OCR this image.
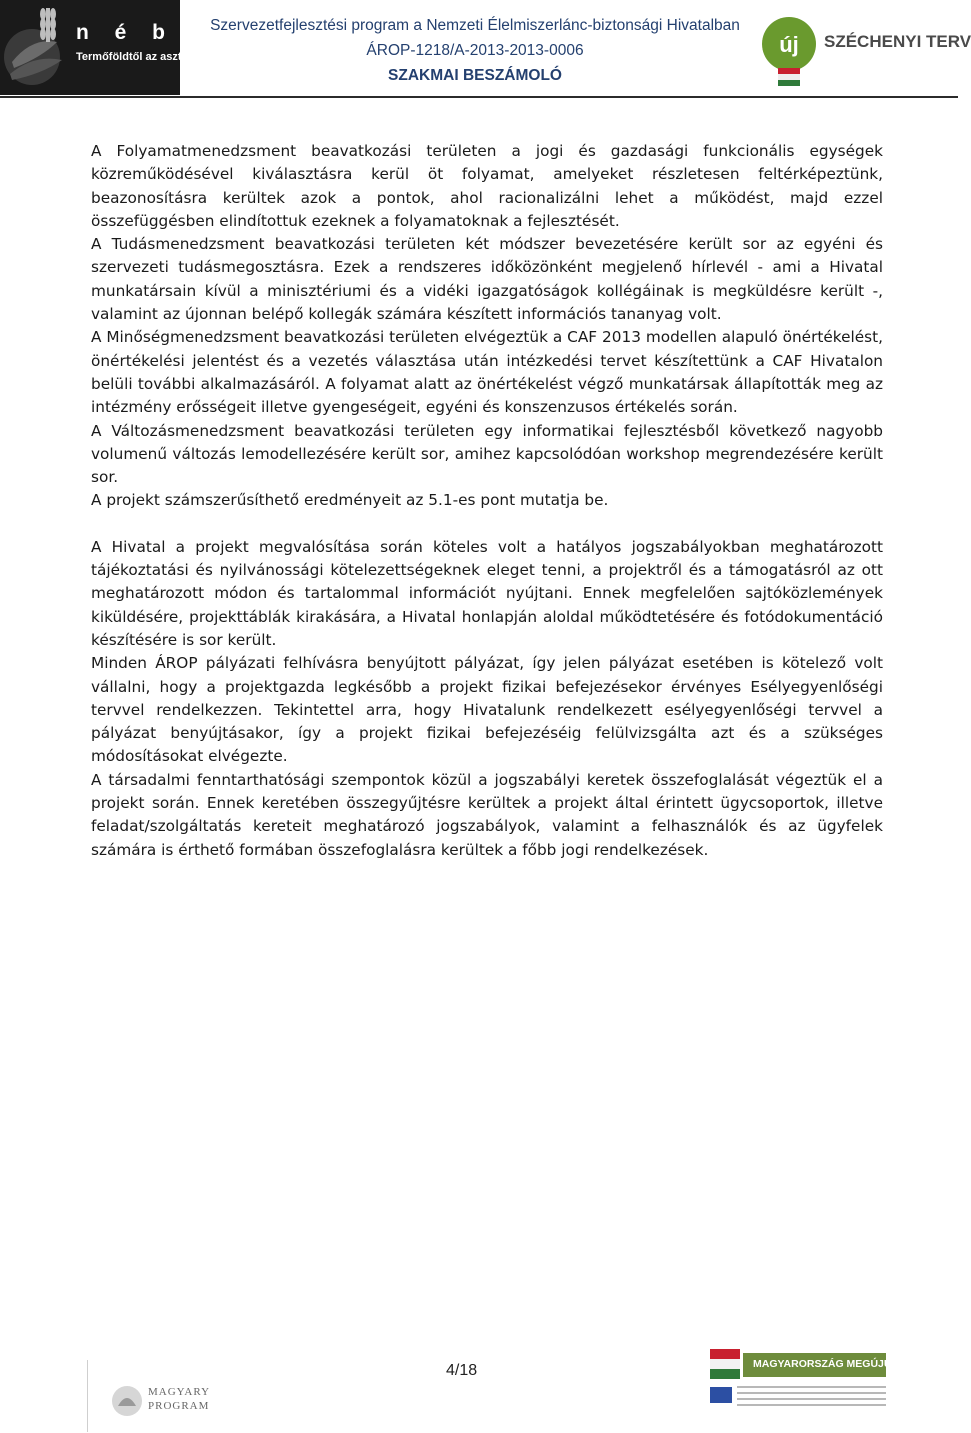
n é b i h
Termőföldtől az asztalig
Szervezetfejlesztési program a Nemzeti Élelmiszerlánc-biztonsági Hivatalban
ÁROP-1218/A-2013-2013-0006
SZAKMAI BESZÁMOLÓ
új SZÉCHENYI TERV

A Folyamatmenedzsment beavatkozási területen a jogi és gazdasági funkcionális egységek közreműködésével kiválasztásra kerül öt folyamat, amelyeket részletesen feltérképeztünk, beazonosításra kerültek azok a pontok, ahol racionalizálni lehet a működést, majd ezzel összefüggésben elindítottuk ezeknek a folyamatoknak a fejlesztését.

A Tudásmenedzsment beavatkozási területen két módszer bevezetésére került sor az egyéni és szervezeti tudásmegosztásra. Ezek a rendszeres időközönként megjelenő hírlevél - ami a Hivatal munkatársain kívül a minisztériumi és a vidéki igazgatóságok kollégáinak is megküldésre került -, valamint az újonnan belépő kollegák számára készített információs tananyag volt.

A Minőségmenedzsment beavatkozási területen elvégeztük a CAF 2013 modellen alapuló önértékelést, önértékelési jelentést és a vezetés választása után intézkedési tervet készítettünk a CAF Hivatalon belüli további alkalmazásáról. A folyamat alatt az önértékelést végző munkatársak állapították meg az intézmény erősségeit illetve gyengeségeit, egyéni és konszenzusos értékelés során.

A Változásmenedzsment beavatkozási területen egy informatikai fejlesztésből következő nagyobb volumenű változás lemodellezésére került sor, amihez kapcsolódóan workshop megrendezésére került sor.

A projekt számszerűsíthető eredményeit az 5.1-es pont mutatja be.

A Hivatal a projekt megvalósítása során köteles volt a hatályos jogszabályokban meghatározott tájékoztatási és nyilvánossági kötelezettségeknek eleget tenni, a projektről és a támogatásról az ott meghatározott módon és tartalommal információt nyújtani. Ennek megfelelően sajtóközlemények kiküldésére, projekttáblák kirakására, a Hivatal honlapján aloldal működtetésére és fotódokumentáció készítésére is sor került.

Minden ÁROP pályázati felhívásra benyújtott pályázat, így jelen pályázat esetében is kötelező volt vállalni, hogy a projektgazda legkésőbb a projekt fizikai befejezésekor érvényes Esélyegyenlőségi tervvel rendelkezzen. Tekintettel arra, hogy Hivatalunk rendelkezett esélyegyenlőségi tervvel a pályázat benyújtásakor, így a projekt fizikai befejezéséig felülvizsgálta azt és a szükséges módosításokat elvégezte.

A társadalmi fenntarthatósági szempontok közül a jogszabályi keretek összefoglalását végeztük el a projekt során. Ennek keretében összegyűjtésre kerültek a projekt által érintett ügycsoportok, illetve feladat/szolgáltatás kereteit meghatározó jogszabályok, valamint a felhasználók és az ügyfelek számára is érthető formában összefoglalásra kerültek a főbb jogi rendelkezések.

MAGYARY
PROGRAM
4/18	MAGYARORSZÁG MEGÚJUL
